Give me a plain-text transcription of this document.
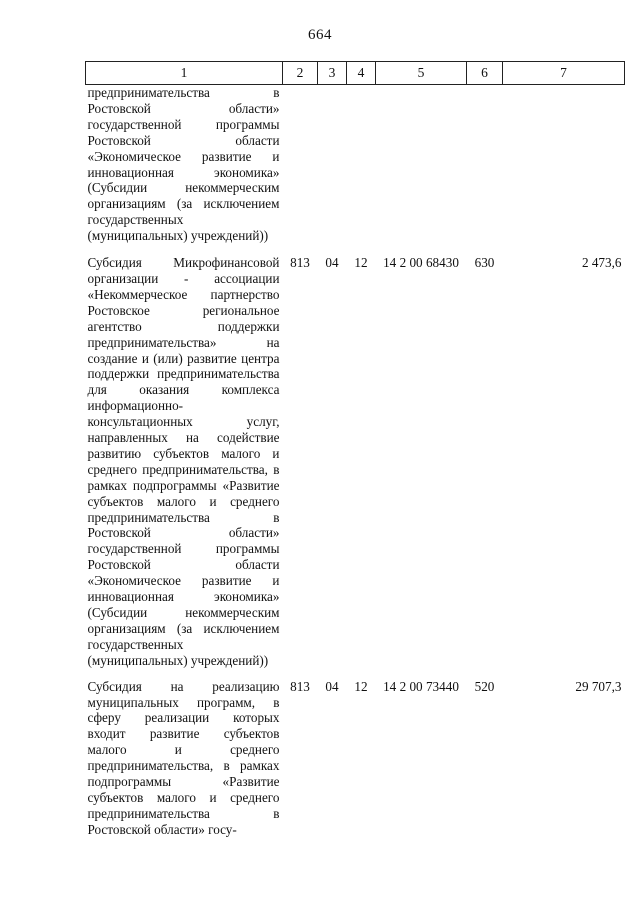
664
1	2	3	4	5	6	7
предпринимательства в Ростовской области» государственной программы Ростовской области «Экономическое развитие и инновационная экономика» (Субсидии некоммерческим организациям (за исключением государственных (муниципальных) учреждений))						
Субсидия Микрофинансовой организации - ассоциации «Некоммерческое партнерство Ростовское региональное агентство поддержки предпринимательства» на создание и (или) развитие центра поддержки предпринимательства для оказания комплекса информационно-консультационных услуг, направленных на содействие развитию субъектов малого и среднего предпринимательства, в рамках подпрограммы «Развитие субъектов малого и среднего предпринимательства в Ростовской области» государственной программы Ростовской области «Экономическое развитие и инновационная экономика» (Субсидии некоммерческим организациям (за исключением государственных (муниципальных) учреждений))	813	04	12	14 2 00 68430	630	2 473,6
Субсидия на реализацию муниципальных программ, в сферу реализации которых входит развитие субъектов малого и среднего предпринимательства, в рамках подпрограммы «Развитие субъектов малого и среднего предпринимательства в Ростовской области» госу-	813	04	12	14 2 00 73440	520	29 707,3
